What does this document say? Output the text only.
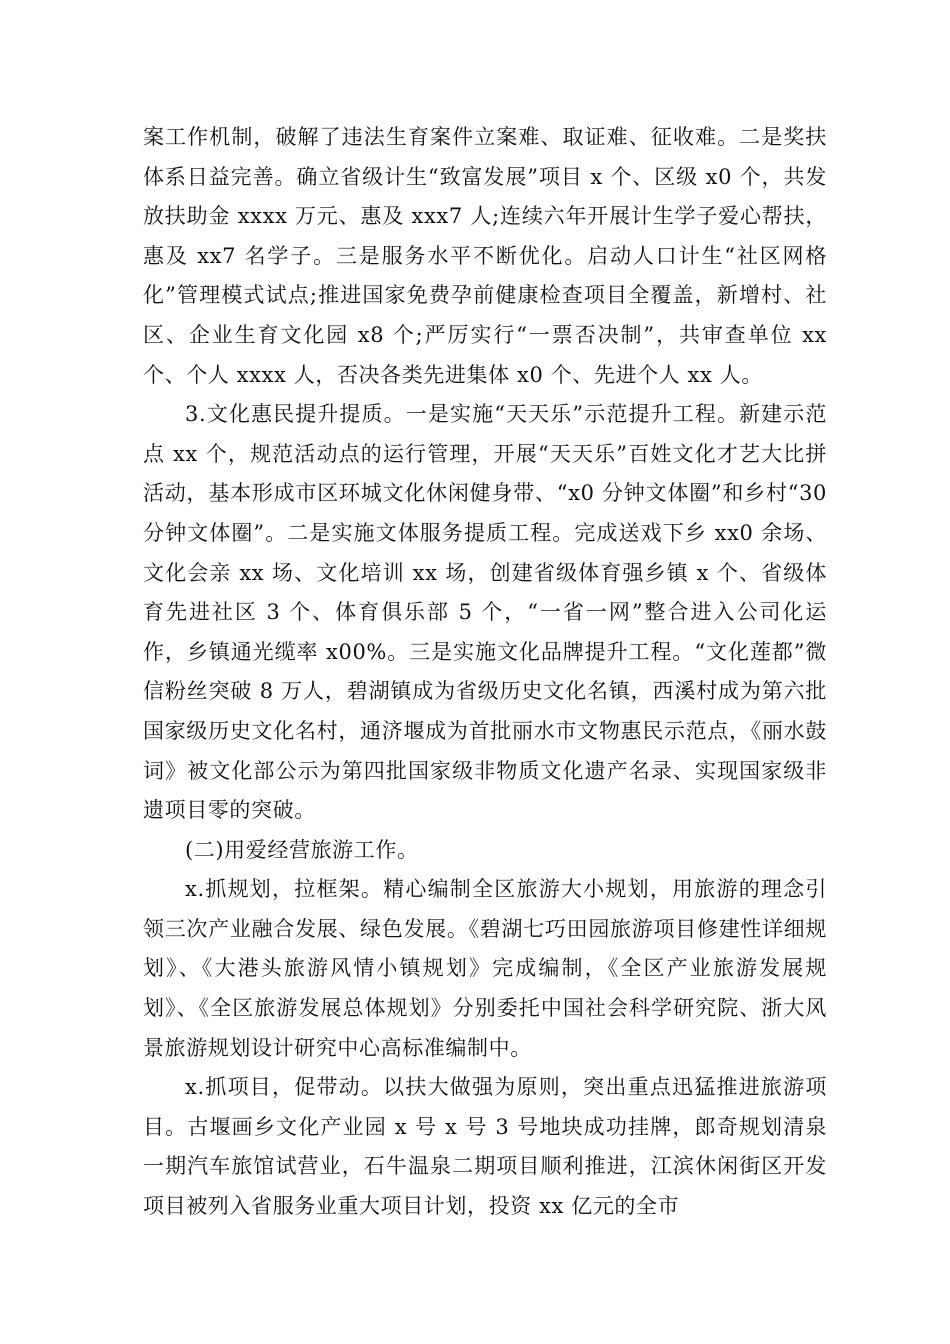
案工作机制，破解了违法生育案件立案难、取证难、征收难。二是奖扶体系日益完善。确立省级计生“致富发展”项目 x 个、区级 x0 个，共发放扶助金 xxxx 万元、惠及 xxx7 人;连续六年开展计生学子爱心帮扶，惠及 xx7 名学子。三是服务水平不断优化。启动人口计生“社区网格化”管理模式试点;推进国家免费孕前健康检查项目全覆盖，新增村、社区、企业生育文化园 x8 个;严厉实行“一票否决制”，共审查单位 xx 个、个人 xxxx 人，否决各类先进集体 x0 个、先进个人 xx 人。

3.文化惠民提升提质。一是实施“天天乐”示范提升工程。新建示范点 xx 个，规范活动点的运行管理，开展“天天乐”百姓文化才艺大比拼活动，基本形成市区环城文化休闲健身带、“x0 分钟文体圈”和乡村“30 分钟文体圈”。二是实施文体服务提质工程。完成送戏下乡 xx0 余场、文化会亲 xx 场、文化培训 xx 场，创建省级体育强乡镇 x 个、省级体育先进社区 3 个、体育俱乐部 5 个，“一省一网”整合进入公司化运作，乡镇通光缆率 x00%。三是实施文化品牌提升工程。“文化莲都”微信粉丝突破 8 万人，碧湖镇成为省级历史文化名镇，西溪村成为第六批国家级历史文化名村，通济堰成为首批丽水市文物惠民示范点，《丽水鼓词》被文化部公示为第四批国家级非物质文化遗产名录、实现国家级非遗项目零的突破。

(二)用爱经营旅游工作。

x.抓规划，拉框架。精心编制全区旅游大小规划，用旅游的理念引领三次产业融合发展、绿色发展。《碧湖七巧田园旅游项目修建性详细规划》、《大港头旅游风情小镇规划》完成编制，《全区产业旅游发展规划》、《全区旅游发展总体规划》分别委托中国社会科学研究院、浙大风景旅游规划设计研究中心高标准编制中。

x.抓项目，促带动。以扶大做强为原则，突出重点迅猛推进旅游项目。古堰画乡文化产业园 x 号 x 号 3 号地块成功挂牌，郎奇规划清泉一期汽车旅馆试营业，石牛温泉二期项目顺利推进，江滨休闲街区开发项目被列入省服务业重大项目计划，投资 xx 亿元的全市
